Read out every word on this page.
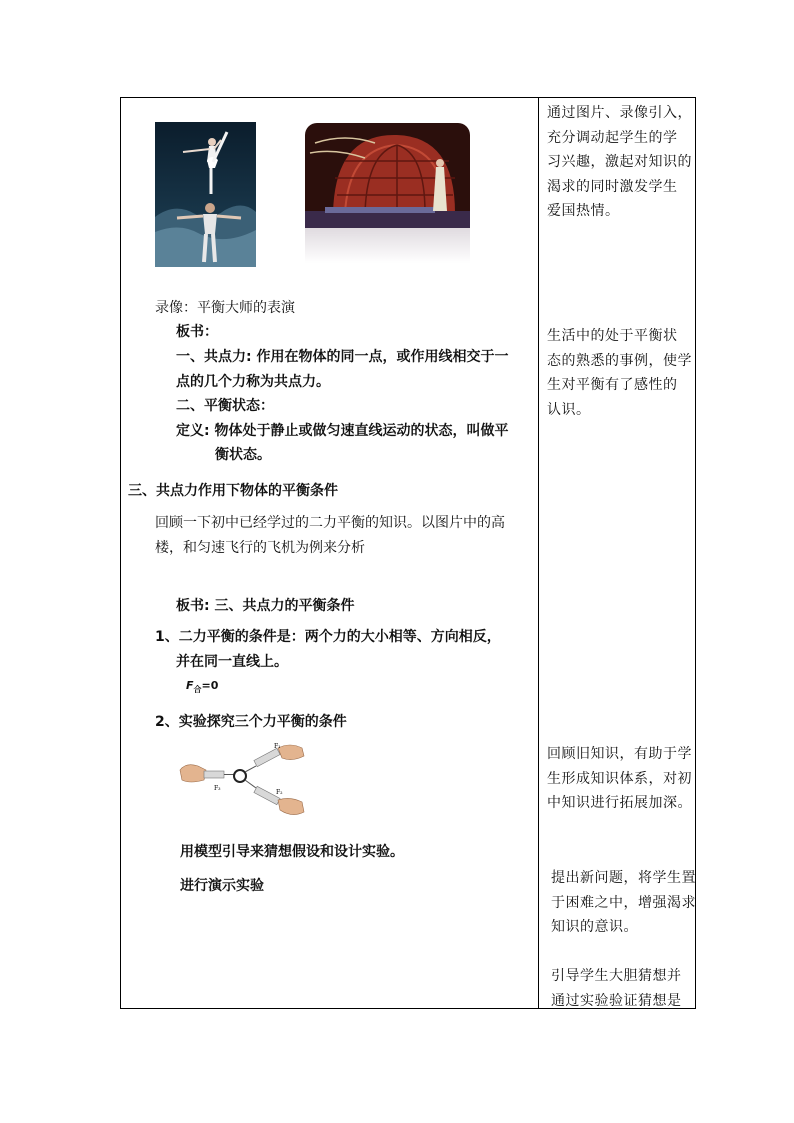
录像：平衡大师的表演
板书：
一、共点力: 作用在物体的同一点，或作用线相交于一
点的几个力称为共点力。
二、平衡状态：
定义: 物体处于静止或做匀速直线运动的状态，叫做平
衡状态。
三、共点力作用下物体的平衡条件
回顾一下初中已经学过的二力平衡的知识。以图片中的高
楼，和匀速飞行的飞机为例来分析
板书: 三、共点力的平衡条件
1、二力平衡的条件是：两个力的大小相等、方向相反，
并在同一直线上。
$F_合=0$
2、实验探究三个力平衡的条件
F₁
F₂
F₃
用模型引导来猜想假设和设计实验。
进行演示实验
通过图片、录像引入，
充分调动起学生的学
习兴趣，激起对知识的
渴求的同时激发学生
爱国热情。
生活中的处于平衡状
态的熟悉的事例，使学
生对平衡有了感性的
认识。
回顾旧知识，有助于学
生形成知识体系，对初
中知识进行拓展加深。
提出新问题，将学生置
于困难之中，增强渴求
知识的意识。
引导学生大胆猜想并
通过实验验证猜想是
